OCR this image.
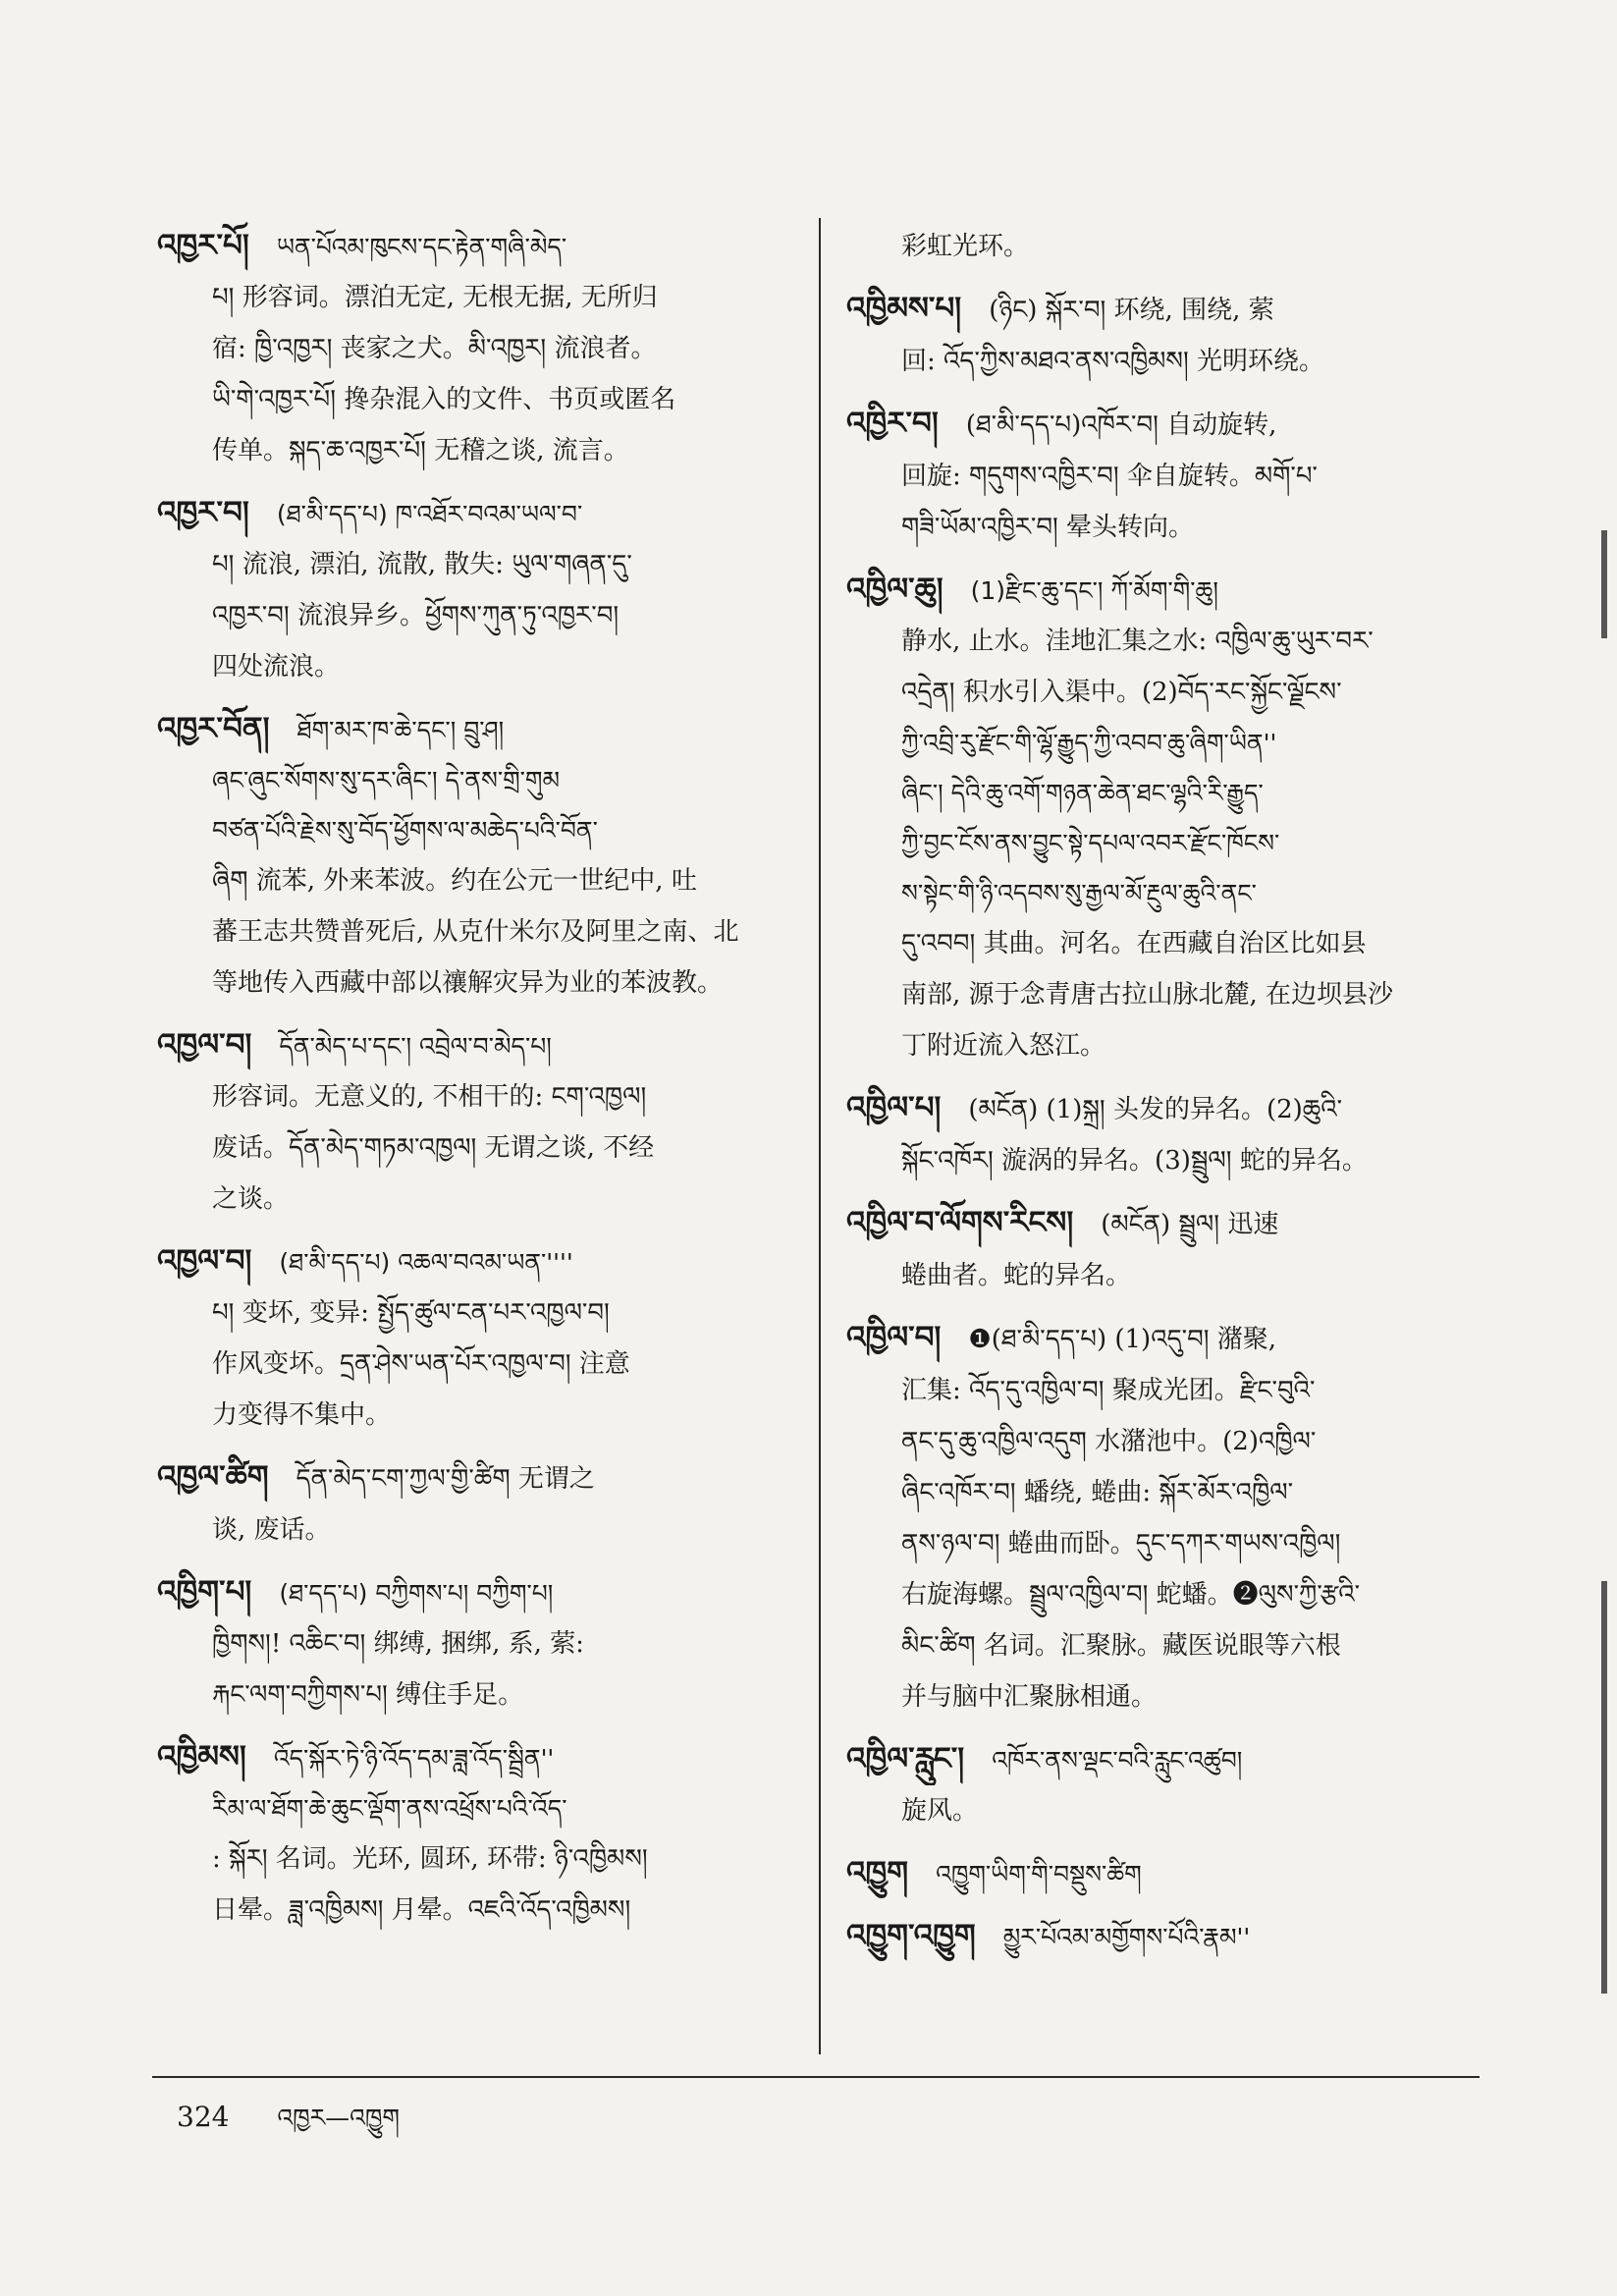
འཁྱར་པོ། ཡན་པོའམ་ཁུངས་དང་རྟེན་གཞི་མེད་
པ། 形容词。漂泊无定, 无根无据, 无所归
宿: ཁྱི་འཁྱར། 丧家之犬。མི་འཁྱར། 流浪者。
ཡི་གེ་འཁྱར་པོ། 搀杂混入的文件、书页或匿名
传单。སྐད་ཆ་འཁྱར་པོ། 无稽之谈, 流言。
འཁྱར་བ། (ཐ་མི་དད་པ) ཁ་འཐོར་བའམ་ཡལ་བ་
པ། 流浪, 漂泊, 流散, 散失: ཡུལ་གཞན་དུ་
འཁྱར་བ། 流浪异乡。ཕྱོགས་ཀུན་ཏུ་འཁྱར་བ།
四处流浪。
འཁྱར་བོན། ཐོག་མར་ཁ་ཆེ་དང་། བྲུ་ཤ།
ཞང་ཞུང་སོགས་སུ་དར་ཞིང་། དེ་ནས་གྲི་གུམ
བཙན་པོའི་རྗེས་སུ་བོད་ཕྱོགས་ལ་མཆེད་པའི་བོན་
ཞིག 流苯, 外来苯波。约在公元一世纪中, 吐
蕃王志共赞普死后, 从克什米尔及阿里之南、北
等地传入西藏中部以禳解灾异为业的苯波教。
འཁྱལ་བ། དོན་མེད་པ་དང་། འབྲེལ་བ་མེད་པ།
形容词。无意义的, 不相干的: ངག་འཁྱལ།
废话。དོན་མེད་གཏམ་འཁྱལ། 无谓之谈, 不经
之谈。
འཁྱལ་བ། (ཐ་མི་དད་པ) འཆལ་བའམ་ཡན་''''
པ། 变坏, 变异: སྤྱོད་ཚུལ་ངན་པར་འཁྱལ་བ།
作风变坏。དྲན་ཤེས་ཡན་པོར་འཁྱལ་བ། 注意
力变得不集中。
འཁྱལ་ཚིག དོན་མེད་ངག་ཀྱལ་གྱི་ཚིག 无谓之
谈, 废话。
འཁྱིག་པ། (ཐ་དད་པ) བཀྱིགས་པ། བཀྱིག་པ།
ཁྱིགས།! འཆིང་བ། 绑缚, 捆绑, 系, 萦:
རྐང་ལག་བཀྱིགས་པ། 缚住手足。
འཁྱིམས། འོད་སྐོར་ཏེ་ཉི་འོད་དམ་ཟླ་འོད་སྦྲིན''
རིམ་ལ་ཐོག་ཆེ་ཆུང་ལྡོག་ནས་འཕྲོས་པའི་འོད་
: སྐོར། 名词。光环, 圆环, 环带: ཉི་འཁྱིམས།
日晕。ཟླ་འཁྱིམས། 月晕。འཇའི་འོད་འཁྱིམས།
彩虹光环。
འཁྱིམས་པ། (ཉིང) སྐོར་བ། 环绕, 围绕, 萦
回: འོད་ཀྱིས་མཐའ་ནས་འཁྱིམས། 光明环绕。
འཁྱིར་བ། (ཐ་མི་དད་པ)འཁོར་བ། 自动旋转,
回旋: གདུགས་འཁྱིར་བ། 伞自旋转。མགོ་པ་
གཟི་ཡོམ་འཁྱིར་བ། 晕头转向。
འཁྱིལ་ཆུ། (1)རྫིང་ཆུ་དང་། ཀོ་མོག་གི་ཆུ།
静水, 止水。洼地汇集之水: འཁྱིལ་ཆུ་ཡུར་བར་
འདྲེན། 积水引入渠中。(2)བོད་རང་སྐྱོང་ལྗོངས་
ཀྱི་འབྲི་རུ་རྫོང་གི་ལྷོ་རྒྱུད་ཀྱི་འབབ་ཆུ་ཞིག་ཡིན''
ཞིང་། དེའི་ཆུ་འགོ་གཉན་ཆེན་ཐང་ལྷའི་རི་རྒྱུད་
ཀྱི་བྱང་ངོས་ནས་བྱུང་སྟེ་དཔལ་འབར་རྫོང་ཁོངས་
ས་སྟེང་གི་ཉི་འདབས་སུ་རྒྱལ་མོ་རྔུལ་ཆུའི་ནང་
དུ་འབབ། 其曲。河名。在西藏自治区比如县
南部, 源于念青唐古拉山脉北麓, 在边坝县沙
丁附近流入怒江。
འཁྱིལ་པ། (མངོན) (1)སྐྲ། 头发的异名。(2)ཆུའི་
སྐོང་འཁོར། 漩涡的异名。(3)སྦྲུལ། 蛇的异名。
འཁྱིལ་བ་ལོགས་རིངས། (མངོན) སྦྲུལ། 迅速
蜷曲者。蛇的异名。
འཁྱིལ་བ། ❶(ཐ་མི་དད་པ) (1)འདུ་བ། 潴聚,
汇集: འོད་དུ་འཁྱིལ་བ། 聚成光团。རྫིང་བུའི་
ནང་དུ་ཆུ་འཁྱིལ་འདུག 水潴池中。(2)འཁྱིལ་
ཞིང་འཁོར་བ། 蟠绕, 蜷曲: སྐོར་མོར་འཁྱིལ་
ནས་ཉལ་བ། 蜷曲而卧。དུང་དཀར་གཡས་འཁྱིལ།
右旋海螺。སྦྲུལ་འཁྱིལ་བ། 蛇蟠。❷ལུས་ཀྱི་རྩའི་
མིང་ཚིག 名词。汇聚脉。藏医说眼等六根
并与脑中汇聚脉相通。
འཁྱིལ་རླུང་། འཁོར་ནས་ལྡང་བའི་རླུང་འཚུབ།
旋风。
འཁྱུག འཁྱུག་ཡིག་གི་བསྡུས་ཚིག
འཁྱུག་འཁྱུག མྱུར་པོའམ་མགྱོགས་པོའི་རྣམ''
324 འཁྱར—འཁྱུག
